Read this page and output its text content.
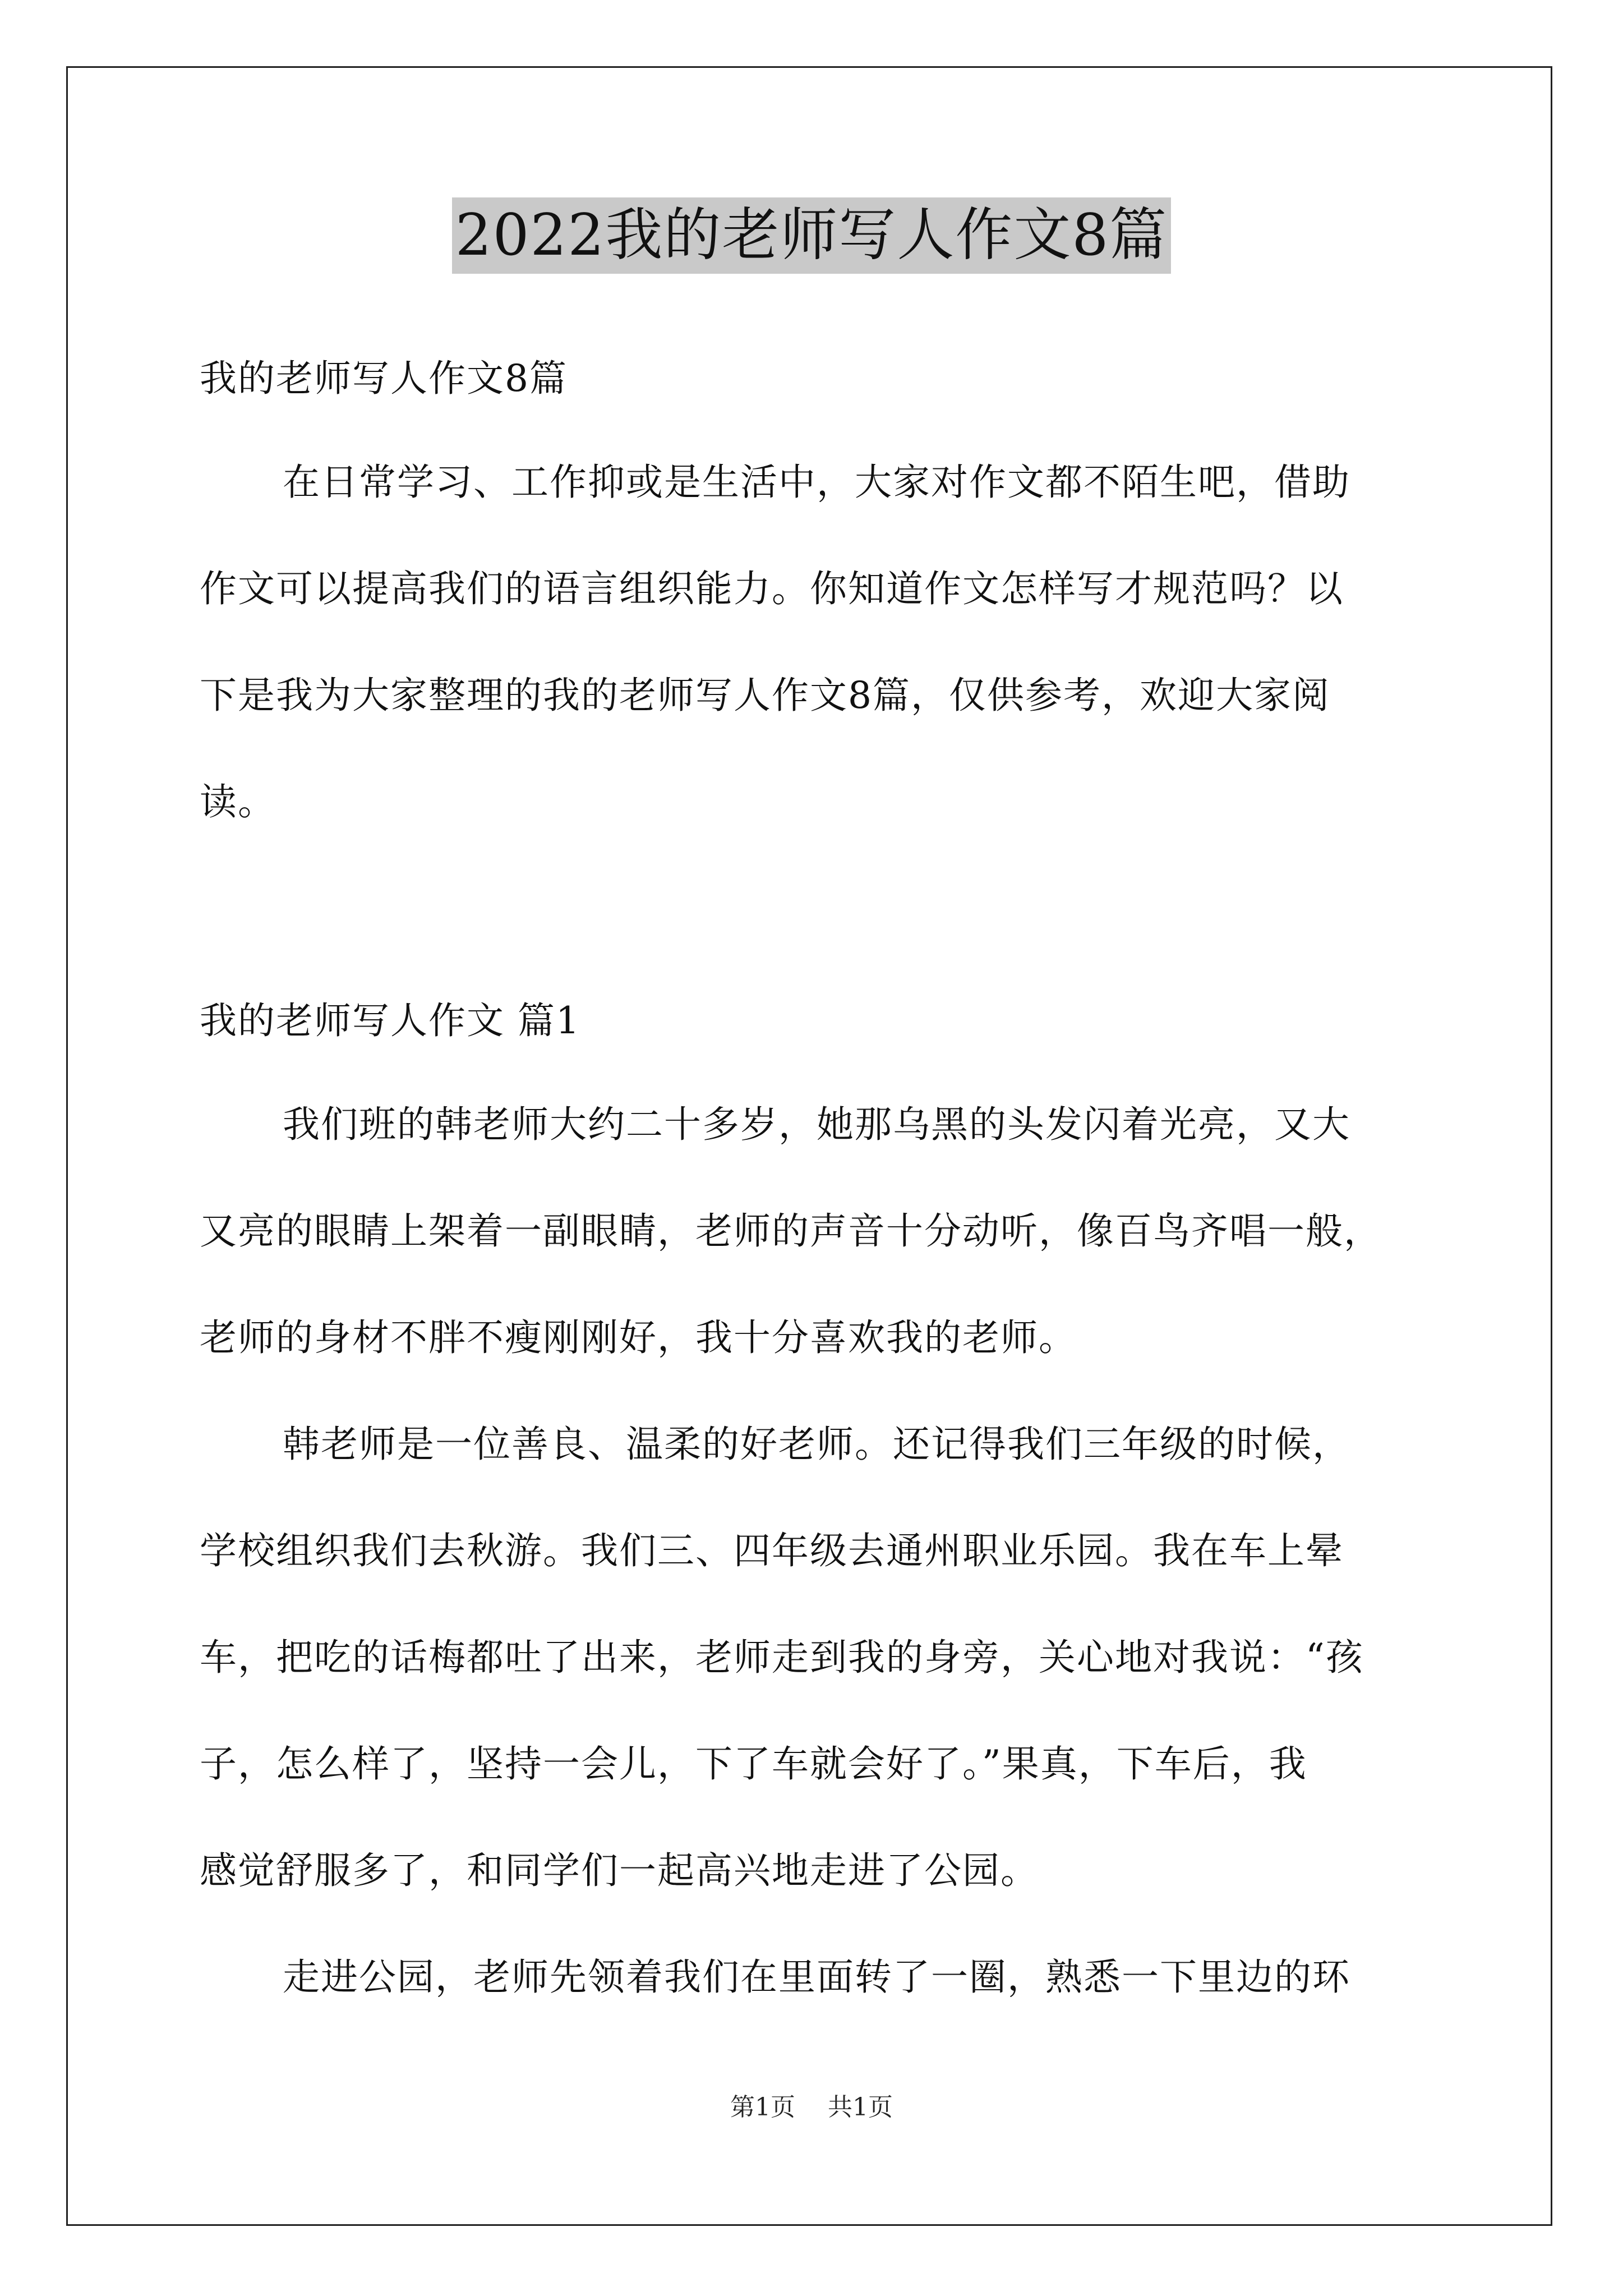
2022我的老师写人作文8篇
我的老师写人作文8篇
在日常学习、工作抑或是生活中，大家对作文都不陌生吧，借助
作文可以提高我们的语言组织能力。你知道作文怎样写才规范吗？以
下是我为大家整理的我的老师写人作文8篇，仅供参考，欢迎大家阅
读。
我的老师写人作文 篇1
我们班的韩老师大约二十多岁，她那乌黑的头发闪着光亮，又大
又亮的眼睛上架着一副眼睛，老师的声音十分动听，像百鸟齐唱一般，
老师的身材不胖不瘦刚刚好，我十分喜欢我的老师。
韩老师是一位善良、温柔的好老师。还记得我们三年级的时候，
学校组织我们去秋游。我们三、四年级去通州职业乐园。我在车上晕
车，把吃的话梅都吐了出来，老师走到我的身旁，关心地对我说：“孩
子，怎么样了，坚持一会儿，下了车就会好了。”果真，下车后，我
感觉舒服多了，和同学们一起高兴地走进了公园。
走进公园，老师先领着我们在里面转了一圈，熟悉一下里边的环
第1页 共1页
